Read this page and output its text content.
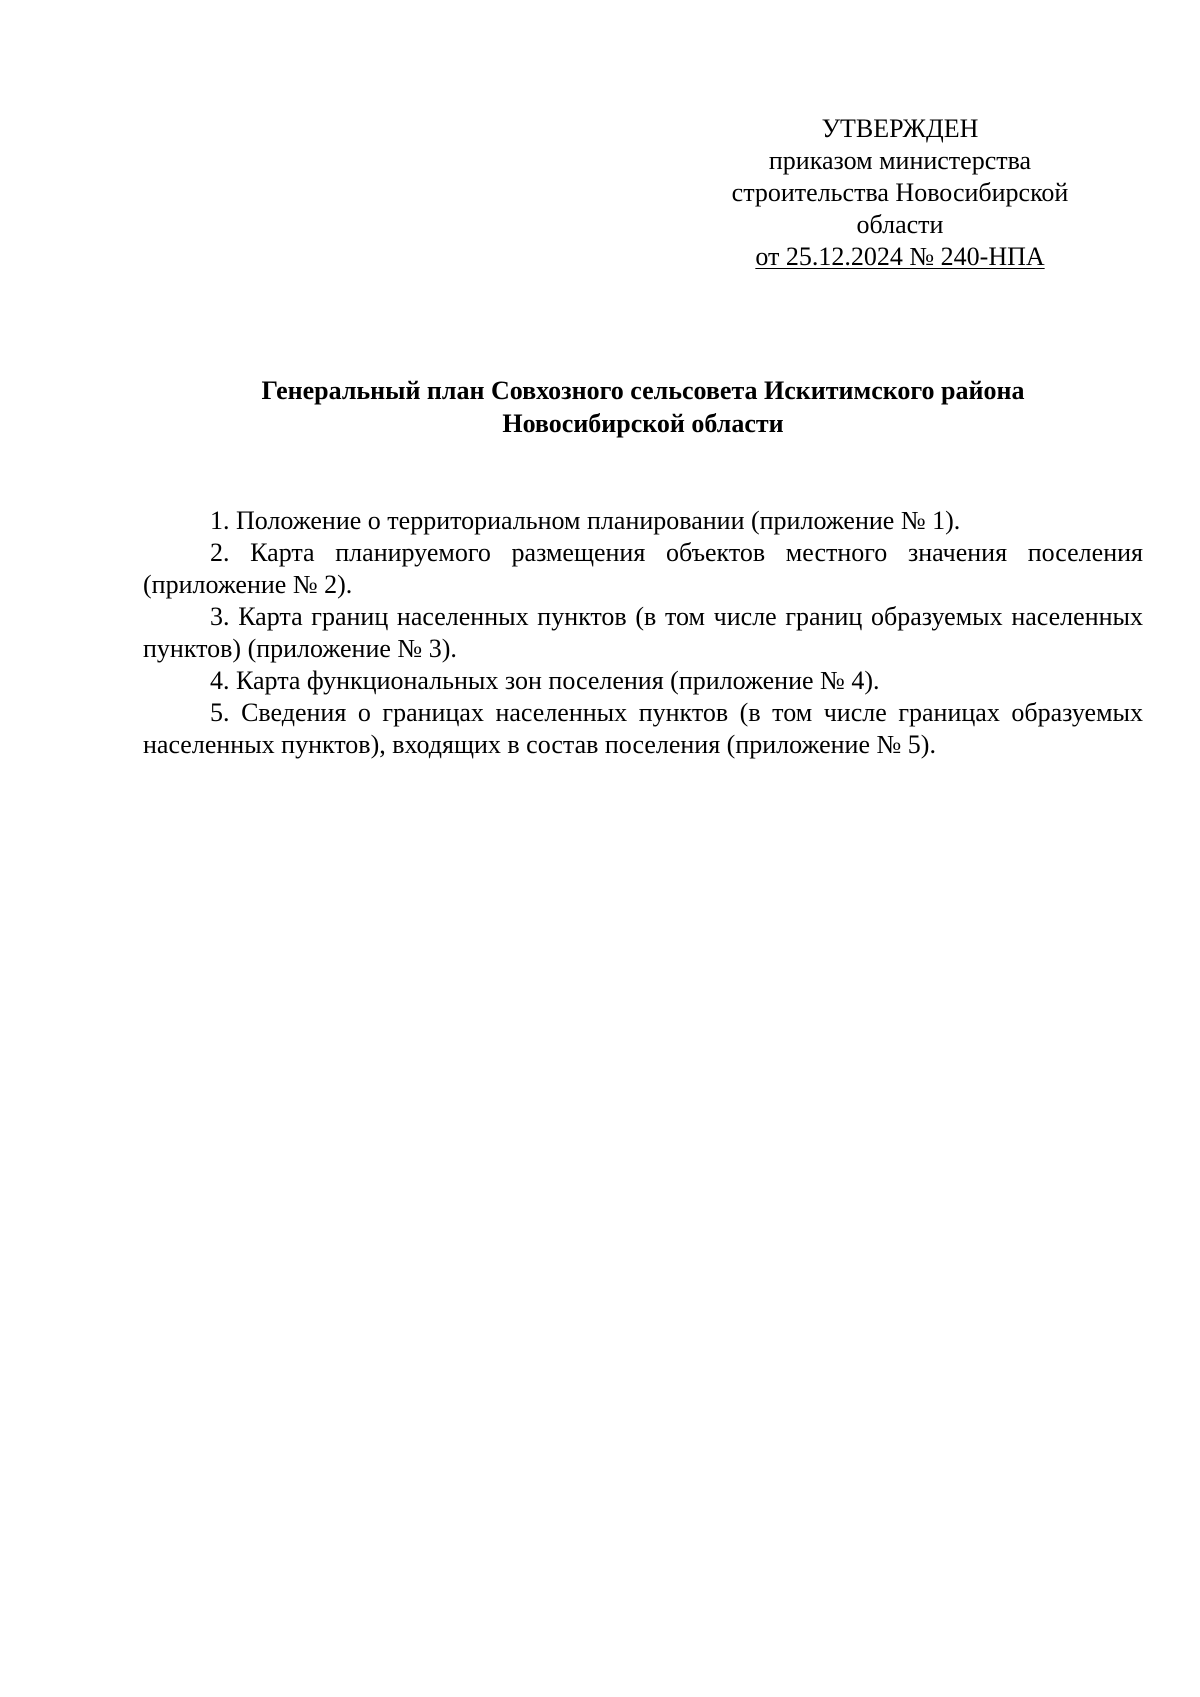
УТВЕРЖДЕН
приказом министерства
строительства Новосибирской
области
от 25.12.2024 № 240-НПА
Генеральный план Совхозного сельсовета Искитимского района
Новосибирской области

1. Положение о территориальном планировании (приложение № 1).

2. Карта планируемого размещения объектов местного значения поселения (приложение № 2).

3. Карта границ населенных пунктов (в том числе границ образуемых населенных пунктов) (приложение № 3).

4. Карта функциональных зон поселения (приложение № 4).

5. Сведения о границах населенных пунктов (в том числе границах образуемых населенных пунктов), входящих в состав поселения (приложение № 5).
